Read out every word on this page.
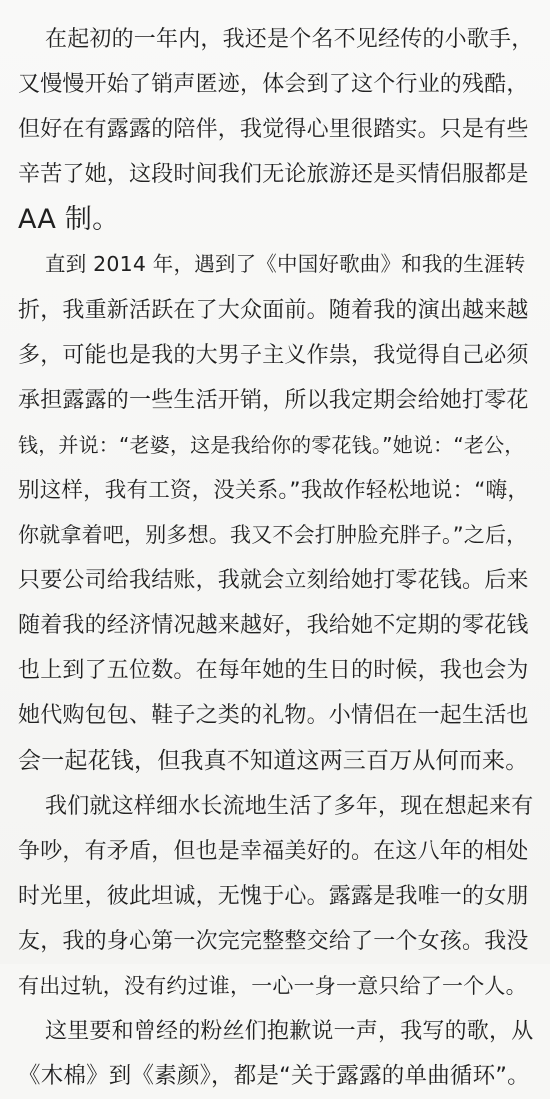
在起初的一年内，我还是个名不见经传的小歌手，
又慢慢开始了销声匿迹，体会到了这个行业的残酷，
但好在有露露的陪伴，我觉得心里很踏实。只是有些
辛苦了她，这段时间我们无论旅游还是买情侣服都是
AA 制。
直到 2014 年，遇到了《中国好歌曲》和我的生涯转
折，我重新活跃在了大众面前。随着我的演出越来越
多，可能也是我的大男子主义作祟，我觉得自己必须
承担露露的一些生活开销，所以我定期会给她打零花
钱，并说：“老婆，这是我给你的零花钱。”她说：“老公，
别这样，我有工资，没关系。”我故作轻松地说：“嗨，
你就拿着吧，别多想。我又不会打肿脸充胖子。”之后，
只要公司给我结账，我就会立刻给她打零花钱。后来
随着我的经济情况越来越好，我给她不定期的零花钱
也上到了五位数。在每年她的生日的时候，我也会为
她代购包包、鞋子之类的礼物。小情侣在一起生活也
会一起花钱，但我真不知道这两三百万从何而来。
我们就这样细水长流地生活了多年，现在想起来有
争吵，有矛盾，但也是幸福美好的。在这八年的相处
时光里，彼此坦诚，无愧于心。露露是我唯一的女朋
友，我的身心第一次完完整整交给了一个女孩。我没
有出过轨，没有约过谁，一心一身一意只给了一个人。
这里要和曾经的粉丝们抱歉说一声，我写的歌，从
《木棉》到《素颜》，都是“关于露露的单曲循环”。
